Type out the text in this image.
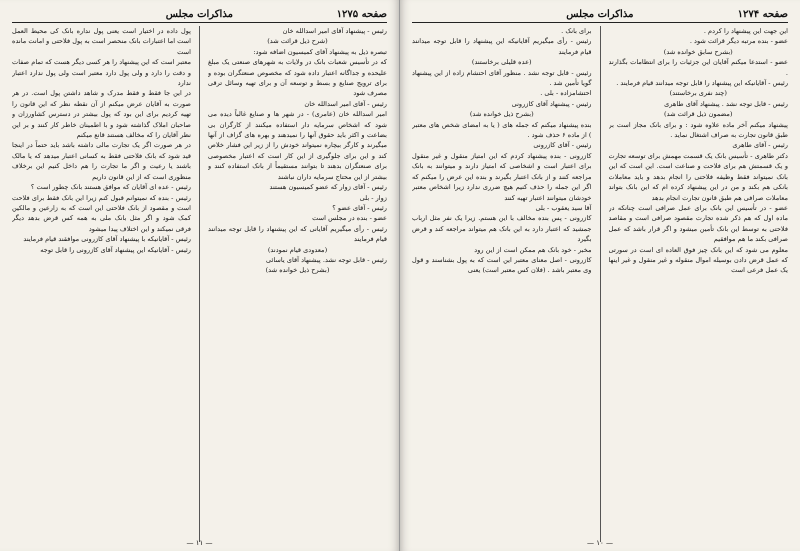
صفحه ۱۲۷۵
مذاكرات مجلس

رئیس - پیشنهاد آقای امیر اسدالله خان

(شرح ذیل قرائت شد)

تبصره ذیل به پیشنهاد آقای کمیسیون اضافه شود:

که در تأسیس شعبات بانک در ولایات به شهرهای صنعتی یک مبلغ علیحده و جداگانه اعتبار داده شود که مخصوص صنعتگران بوده و برای ترویج صنایع و بسط و توسعه آن و برای تهیه وسائل ترقی مصرف شود

رئیس - آقای امیر اسدالله خان

امیر اسدالله خان (عامری) - در شهر ها و صنایع غالباً دیده می شود که اشخاص سرمایه دار استفاده میکنند از کارگران بی بضاعت و اکثر باید حقوق آنها را نمیدهند و بهره های گزاف از آنها میگیرند و کارگر بیچاره نمیتواند خودش را از زیر این فشار خلاص کند و این برای جلوگیری از این کار است که اعتبار مخصوصی برای صنعتگران بدهند تا بتوانند مستقیماً از بانک استفاده کنند و بیشتر از این محتاج سرمایه داران نباشند

رئیس - آقای زوار که عضو کمیسیون هستند

زوار - بلی

رئیس - آقای عضو ؟

عضو - بنده در مجلس است

رئیس - رأی میگیریم آقایانی که این پیشنهاد را قابل توجه میدانند قیام فرمایند

(معدودی قیام نمودند)

رئیس - قابل توجه نشد. پیشنهاد آقای یاسائی

(بشرح ذیل خوانده شد)

پول داده در اختیار است یعنی پول نداره بانک کی محیط العمل است اما اعتبارات بانک منحصر است به پول فلاحتی و امانت مانده است

معتبر است که این پیشنهاد را هر کسی دیگر هست که تمام صفات و دقت را دارد و ولی پول دارد معتبر است ولی پول ندارد اعتبار ندارد

در این جا فقط و فقط مدرک و شاهد داشتن پول است. در هر صورت به آقایان عرض میکنم از آن نقطه نظر که این قانون را تهیه کردیم برای این بود که پول بیشتر در دسترس کشاورزان و صاحبان املاک گذاشته شود و با اطمینان خاطر کار کنند و بر این نظر آقایان را که مخالف هستند قانع میکنم

در هر صورت اگر یک تجارت مالی داشته باشد باید حتماً در اینجا قید شود که بانک فلاحتی فقط به کسانی اعتبار میدهد که یا مالک باشند یا رعیت و اگر ما تجارت را هم داخل کنیم این برخلاف منظوری است که از این قانون داریم

رئیس - عده ای آقایان که موافق هستند بانک چطور است ؟

رئیس - بنده که نمیتوانم قبول کنم زیرا این بانک فقط برای فلاحت است و مقصود از بانک فلاحتی این است که به زارعین و مالکین کمک شود و اگر مثل بانک ملی به همه کس قرض بدهد دیگر فرقی نمیکند و این اختلاف پیدا میشود

رئیس - آقایانیکه با پیشنهاد آقای کازرونی موافقند قیام فرمایند

رئیس - آقایانیکه این پیشنهاد آقای کازرونی را قابل توجه

— ۱۱ —
صفحه ۱۲۷۴
مذاكرات مجلس

این جهت این پیشنهاد را کردم .

عضو - بنده مرتبه دیگر قرائت شود .

(بشرح سابق خوانده شد)

عضو - استدعا میکنم آقایان این جزئیات را برای انتظامات بگذارند .

رئیس - آقایانیکه این پیشنهاد را قابل توجه میدانند قیام فرمایند .

(چند نفری برخاستند)

رئیس - قابل توجه نشد . پیشنهاد آقای طاهری

(مضمون ذیل قرائت شد)

پیشنهاد میکنم آخر ماده علاوه شود : و برای بانک مجاز است بر طبق قانون تجارت به صراف اشتغال نماید .

رئیس - آقای طاهری

دکتر طاهری - تأسیس بانک یک قسمت مهمش برای توسعه تجارت و یک قسمتش هم برای فلاحت و صناعت است. این است که این بانک نمیتواند فقط وظیفه فلاحتی را انجام بدهد و باید معاملات بانکی هم بکند و من در این پیشنهاد کرده ام که این بانک بتواند معاملات صرافی هم طبق قانون تجارت انجام بدهد

عضو - در تأسیس این بانک برای عمل صرافی است چنانکه در ماده اول که هم ذکر شده تجارت مقصود صرافی است و مقاصد فلاحتی به توسط این بانک تأمین میشود و اگر قرار باشد که عمل صرافی بکند ما هم موافقیم

معلوم می شود که این بانک چیز فوق العاده ای است در سورتی که عمل قرض دادن بوسیله اموال منقوله و غیر منقول و غیر اینها یک عمل فرعی است

برای بانک .

رئیس - رأی میگیریم آقایانیکه این پیشنهاد را قابل توجه میدانند قیام فرمایند

(عده قلیلی برخاستند)

رئیس - قابل توجه نشد . منظور آقای احتشام زاده از این پیشنهاد گویا تأمین شد .

احتشامزاده - بلی .

رئیس - پیشنهاد آقای کازرونی

(بشرح ذیل خوانده شد)

بنده پیشنهاد میکنم که جمله های ( یا به امضای شخص های معتبر ) از ماده ۶ حذف شود .

رئیس - آقای کازرونی

کازرونی - بنده پیشنهاد کردم که این امتیاز منقول و غیر منقول برای اعتبار است و اشخاصی که امتیاز دارند و میتوانند به بانک مراجعه کنند و از بانک اعتبار بگیرند و بنده این عرض را میکنم که اگر این جمله را حذف کنیم هیچ ضرری ندارد زیرا اشخاص معتبر خودشان میتوانند اعتبار تهیه کنند

آقا سید یعقوب - بلی

کازرونی - پس بنده مخالف با این هستم. زیرا یک نفر مثل ارباب جمشید که اعتبار دارد به این بانک هم میتواند مراجعه کند و قرض بگیرد

مخبر - خود بانک هم ممکن است از این رود

کازرونی - اصل معنای معتبر این است که به پول بشناسند و قول وی معتبر باشد . (فلان کس معتبر است) یعنی

— ۱۰ —
